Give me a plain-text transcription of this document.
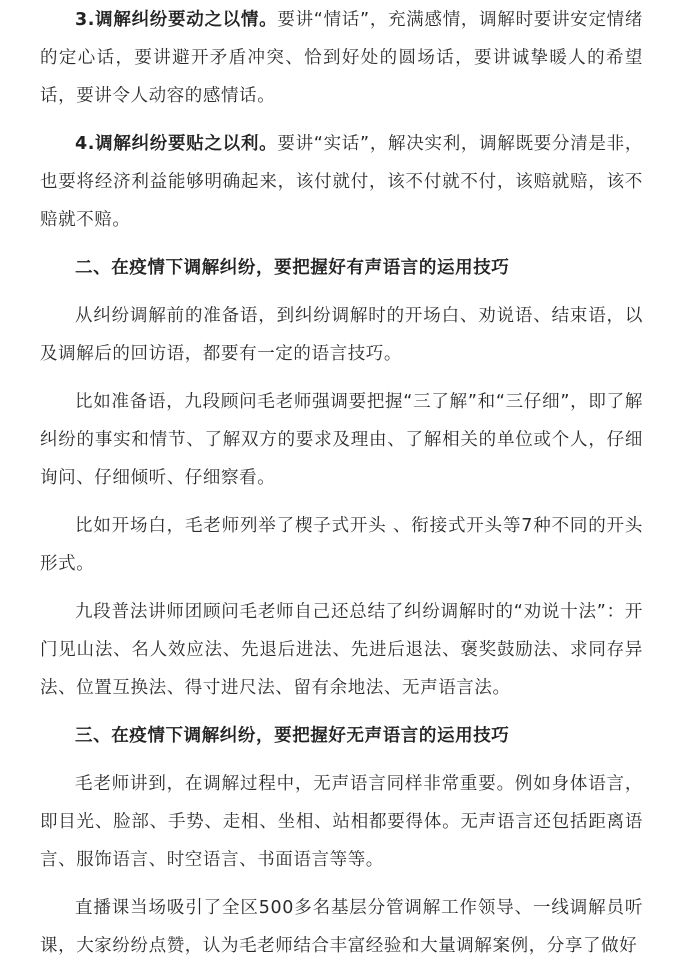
3.调解纠纷要动之以情。要讲“情话”，充满感情，调解时要讲安定情绪的定心话，要讲避开矛盾冲突、恰到好处的圆场话，要讲诚挚暖人的希望话，要讲令人动容的感情话。

4.调解纠纷要贴之以利。要讲“实话”，解决实利，调解既要分清是非，也要将经济利益能够明确起来，该付就付，该不付就不付，该赔就赔，该不赔就不赔。

二、在疫情下调解纠纷，要把握好有声语言的运用技巧

从纠纷调解前的准备语，到纠纷调解时的开场白、劝说语、结束语，以及调解后的回访语，都要有一定的语言技巧。

比如准备语，九段顾问毛老师强调要把握“三了解”和“三仔细”，即了解纠纷的事实和情节、了解双方的要求及理由、了解相关的单位或个人，仔细询问、仔细倾听、仔细察看。

比如开场白，毛老师列举了楔子式开头 、衔接式开头等7种不同的开头形式。

九段普法讲师团顾问毛老师自己还总结了纠纷调解时的“劝说十法”：开门见山法、名人效应法、先退后进法、先进后退法、褒奖鼓励法、求同存异法、位置互换法、得寸进尺法、留有余地法、无声语言法。

三、在疫情下调解纠纷，要把握好无声语言的运用技巧

毛老师讲到，在调解过程中，无声语言同样非常重要。例如身体语言，即目光、脸部、手势、走相、坐相、站相都要得体。无声语言还包括距离语言、服饰语言、时空语言、书面语言等等。

直播课当场吸引了全区500多名基层分管调解工作领导、一线调解员听课，大家纷纷点赞，认为毛老师结合丰富经验和大量调解案例，分享了做好
